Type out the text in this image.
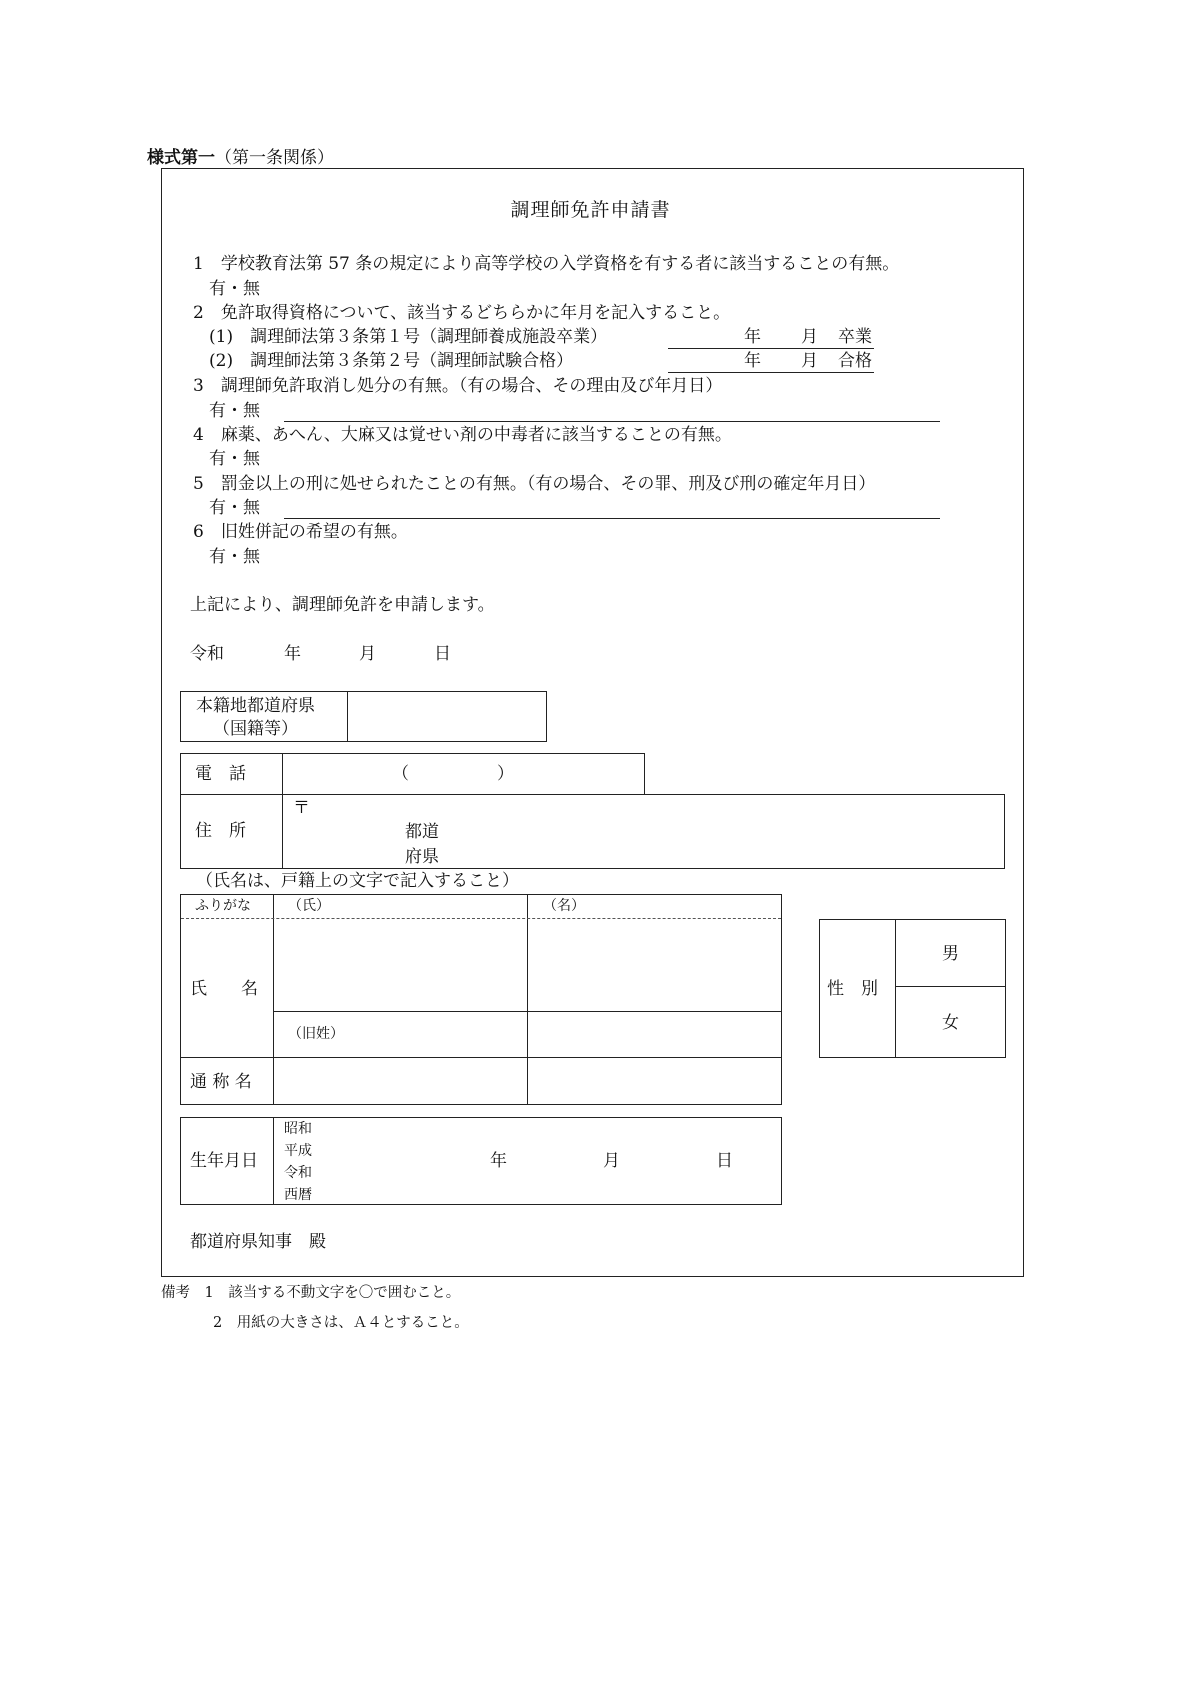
様式第一（第一条関係）
調理師免許申請書
1　学校教育法第 57 条の規定により高等学校の入学資格を有する者に該当することの有無。
有・無
2　免許取得資格について、該当するどちらかに年月を記入すること。
(1)　調理師法第３条第１号（調理師養成施設卒業）	年 月 卒業
(2)　調理師法第３条第２号（調理師試験合格）	年 月 合格
3　調理師免許取消し処分の有無。（有の場合、その理由及び年月日）
有・無
4　麻薬、あへん、大麻又は覚せい剤の中毒者に該当することの有無。
有・無
5　罰金以上の刑に処せられたことの有無。（有の場合、その罪、刑及び刑の確定年月日）
有・無
6　旧姓併記の希望の有無。
有・無
上記により、調理師免許を申請します。
令和	年	月	日
本籍地都道府県
（国籍等）
電　話	（	）
住　所
〒
都道
府県
（氏名は、戸籍上の文字で記入すること）
ふりがな	（氏）	（名）
氏　　名
（旧姓）
通 称 名
性　別
男
女
生年月日
昭和
平成
令和
西暦
年	月	日
都道府県知事　殿
備考　1　該当する不動文字を〇で囲むこと。
2　用紙の大きさは、Ａ４とすること。
